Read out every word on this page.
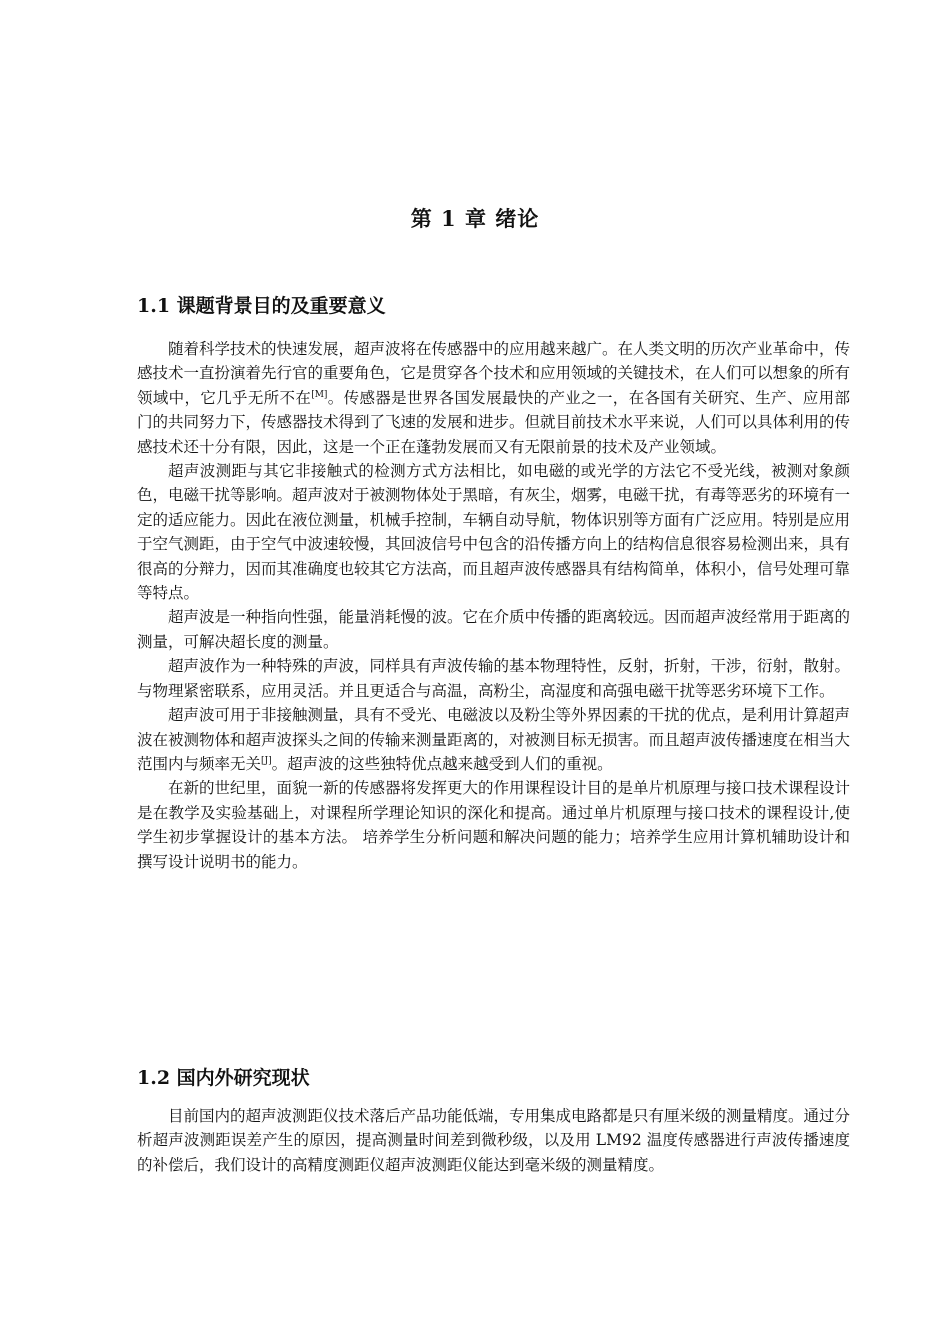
第 1 章 绪论
1.1 课题背景目的及重要意义

随着科学技术的快速发展，超声波将在传感器中的应用越来越广。在人类文明的历次产业革命中，传感技术一直扮演着先行官的重要角色，它是贯穿各个技术和应用领域的关键技术，在人们可以想象的所有领域中，它几乎无所不在[M]。传感器是世界各国发展最快的产业之一，在各国有关研究、生产、应用部门的共同努力下，传感器技术得到了飞速的发展和进步。但就目前技术水平来说，人们可以具体利用的传感技术还十分有限，因此，这是一个正在蓬勃发展而又有无限前景的技术及产业领域。

超声波测距与其它非接触式的检测方式方法相比，如电磁的或光学的方法它不受光线，被测对象颜色，电磁干扰等影响。超声波对于被测物体处于黑暗，有灰尘，烟雾，电磁干扰，有毒等恶劣的环境有一定的适应能力。因此在液位测量，机械手控制，车辆自动导航，物体识别等方面有广泛应用。特别是应用于空气测距，由于空气中波速较慢，其回波信号中包含的沿传播方向上的结构信息很容易检测出来，具有很高的分辩力，因而其准确度也较其它方法高，而且超声波传感器具有结构简单，体积小，信号处理可靠等特点。

超声波是一种指向性强，能量消耗慢的波。它在介质中传播的距离较远。因而超声波经常用于距离的测量，可解决超长度的测量。

超声波作为一种特殊的声波，同样具有声波传输的基本物理特性，反射，折射，干涉，衍射，散射。与物理紧密联系，应用灵活。并且更适合与高温，高粉尘，高湿度和高强电磁干扰等恶劣环境下工作。

超声波可用于非接触测量，具有不受光、电磁波以及粉尘等外界因素的干扰的优点，是利用计算超声波在被测物体和超声波探头之间的传输来测量距离的，对被测目标无损害。而且超声波传播速度在相当大范围内与频率无关[J]。超声波的这些独特优点越来越受到人们的重视。

在新的世纪里，面貌一新的传感器将发挥更大的作用课程设计目的是单片机原理与接口技术课程设计是在教学及实验基础上，对课程所学理论知识的深化和提高。通过单片机原理与接口技术的课程设计,使学生初步掌握设计的基本方法。 培养学生分析问题和解决问题的能力；培养学生应用计算机辅助设计和撰写设计说明书的能力。

1.2 国内外研究现状

目前国内的超声波测距仪技术落后产品功能低端，专用集成电路都是只有厘米级的测量精度。通过分析超声波测距误差产生的原因，提高测量时间差到微秒级，以及用 LM92 温度传感器进行声波传播速度的补偿后，我们设计的高精度测距仪超声波测距仪能达到毫米级的测量精度。
